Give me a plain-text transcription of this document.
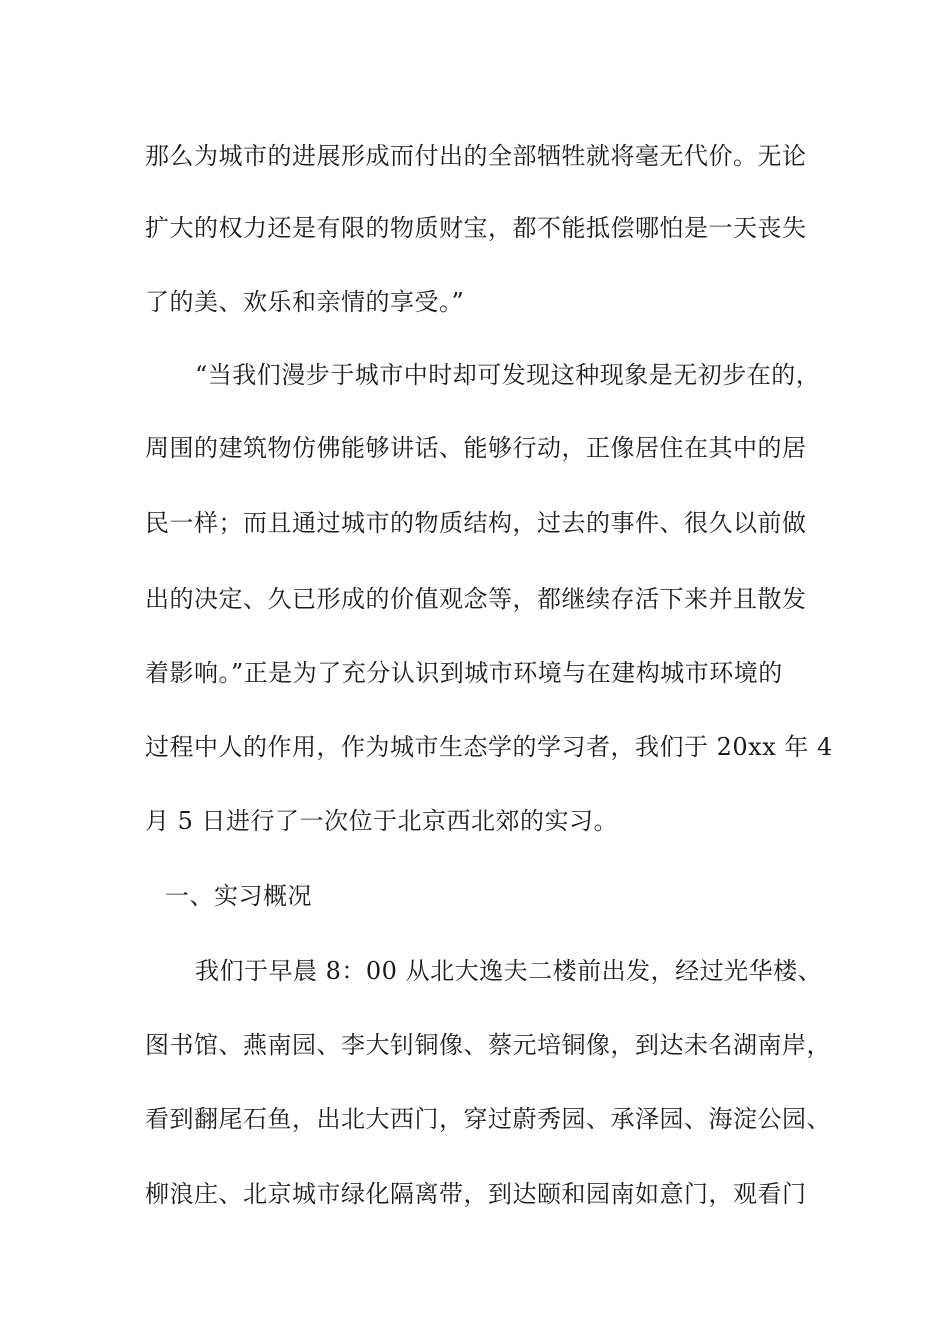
那么为城市的进展形成而付出的全部牺牲就将毫无代价。无论
扩大的权力还是有限的物质财宝，都不能抵偿哪怕是一天丧失
了的美、欢乐和亲情的享受。”
“当我们漫步于城市中时却可发现这种现象是无初步在的，
周围的建筑物仿佛能够讲话、能够行动，正像居住在其中的居
民一样；而且通过城市的物质结构，过去的事件、很久以前做
出的决定、久已形成的价值观念等，都继续存活下来并且散发
着影响。”正是为了充分认识到城市环境与在建构城市环境的
过程中人的作用，作为城市生态学的学习者，我们于 20xx 年 4
月 5 日进行了一次位于北京西北郊的实习。
一、实习概况
我们于早晨 8：00 从北大逸夫二楼前出发，经过光华楼、
图书馆、燕南园、李大钊铜像、蔡元培铜像，到达未名湖南岸，
看到翻尾石鱼，出北大西门，穿过蔚秀园、承泽园、海淀公园、
柳浪庄、北京城市绿化隔离带，到达颐和园南如意门，观看门
